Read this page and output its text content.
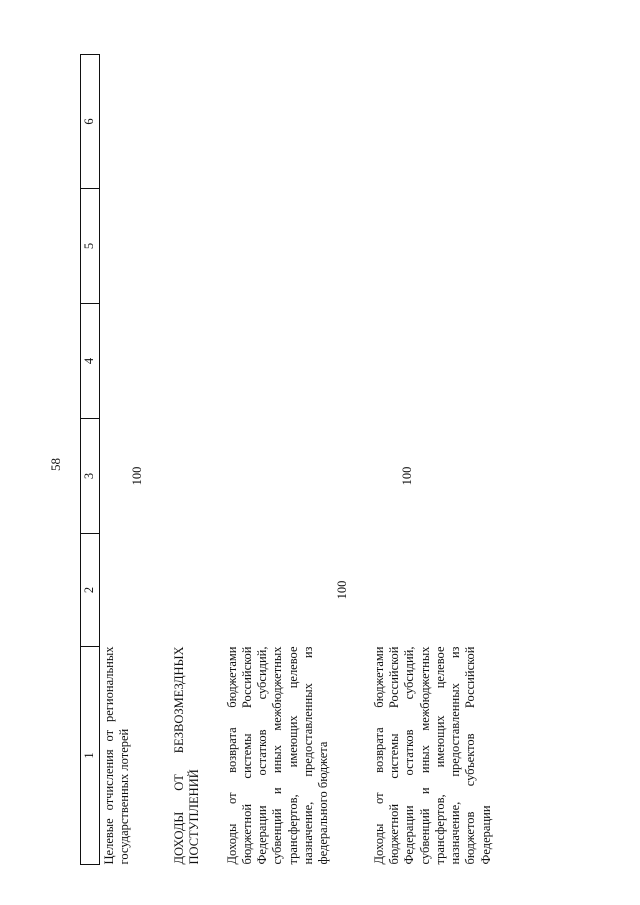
58
1	2	3	4	5	6
Целевые отчисления от региональных государственных лотерей		100			

ДОХОДЫ ОТ БЕЗВОЗМЕЗДНЫХ ПОСТУПЛЕНИЙ					

Доходы от возврата бюджетами бюджетной системы Российской Федерации остатков субсидий, субвенций и иных межбюджетных трансфертов, имеющих целевое назначение, предоставленных из федерального бюджета	100				

Доходы от возврата бюджетами бюджетной системы Российской Федерации остатков субсидий, субвенций и иных межбюджетных трансфертов, имеющих целевое назначение, предоставленных из бюджетов субъектов Российской Федерации		100			
